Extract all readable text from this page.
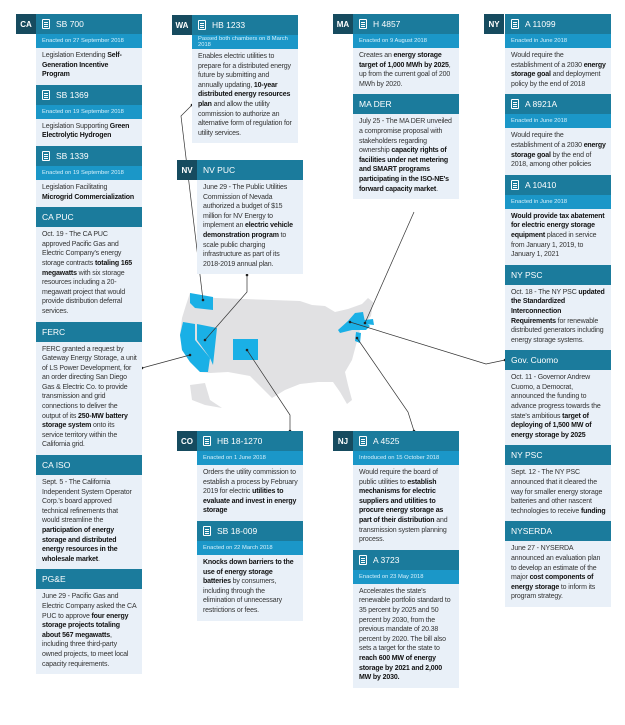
CA	SB 700
Enacted on 27 September 2018
Legislation Extending Self-Generation Incentive Program
SB 1369
Enacted on 19 September 2018
Legislation Supporting Green Electrolytic Hydrogen
SB 1339
Enacted on 19 September 2018
Legislation Facilitating Microgrid Commercialization
CA PUC
Oct. 19 - The CA PUC approved Pacific Gas and Electric Company's energy storage contracts totaling 165 megawatts with six storage resources including a 20-megawatt project that would provide distribution deferral services.
FERC
FERC granted a request by Gateway Energy Storage, a unit of LS Power Development, for an order directing San Diego Gas & Electric Co. to provide transmission and grid connections to deliver the output of its 250-MW battery storage system onto its service territory within the California grid.
CA ISO
Sept. 5 - The California Independent System Operator Corp.'s board approved technical refinements that would streamline the participation of energy storage and distributed energy resources in the wholesale market.
PG&E
June 29 - Pacific Gas and Electric Company asked the CA PUC to approve four energy storage projects totaling about 567 megawatts, including three third-party owned projects, to meet local capacity requirements.
WA	HB 1233
Passed both chambers on 8 March 2018
Enables electric utilities to prepare for a distributed energy future by submitting and annually updating, 10-year distributed energy resources plan and allow the utility commission to authorize an alternative form of regulation for utility services.
NV	NV PUC
June 29 - The Public Utilities Commission of Nevada authorized a budget of $15 million for NV Energy to implement an electric vehicle demonstration program to scale public charging infrastructure as part of its 2018-2019 annual plan.
CO	HB 18-1270
Enacted on 1 June 2018
Orders the utility commission to establish a process by February 2019 for electric utilities to evaluate and invest in energy storage
SB 18-009
Enacted on 22 March 2018
Knocks down barriers to the use of energy storage batteries by consumers, including through the elimination of unnecessary restrictions or fees.
MA	H 4857
Enacted on 9 August 2018
Creates an energy storage target of 1,000 MWh by 2025, up from the current goal of 200 MWh by 2020.
MA DER
July 25 - The MA DER unveiled a compromise proposal with stakeholders regarding ownership capacity rights of facilities under net metering and SMART programs participating in the ISO-NE's forward capacity market.
NJ	A 4525
Introduced on 15 October 2018
Would require the board of public utilities to establish mechanisms for electric suppliers and utilities to procure energy storage as part of their distribution and transmission system planning process.
A 3723
Enacted on 23 May 2018
Accelerates the state's renewable portfolio standard to 35 percent by 2025 and 50 percent by 2030, from the previous mandate of 20.38 percent by 2020. The bill also sets a target for the state to reach 600 MW of energy storage by 2021 and 2,000 MW by 2030.
NY	A 11099
Enacted in June 2018
Would require the establishment of a 2030 energy storage goal and deployment policy by the end of 2018
A 8921A
Enacted in June 2018
Would require the establishment of a 2030 energy storage goal by the end of 2018, among other policies
A 10410
Enacted in June 2018
Would provide tax abatement for electric energy storage equipment placed in service from January 1, 2019, to January 1, 2021
NY PSC
Oct. 18 - The NY PSC updated the Standardized Interconnection Requirements for renewable distributed generators including energy storage systems.
Gov. Cuomo
Oct. 11 - Governor Andrew Cuomo, a Democrat, announced the funding to advance progress towards the state's ambitious target of deploying of 1,500 MW of energy storage by 2025
NY PSC
Sept. 12 - The NY PSC announced that it cleared the way for smaller energy storage batteries and other nascent technologies to receive funding
NYSERDA
June 27 - NYSERDA announced an evaluation plan to develop an estimate of the major cost components of energy storage to inform its program strategy.
